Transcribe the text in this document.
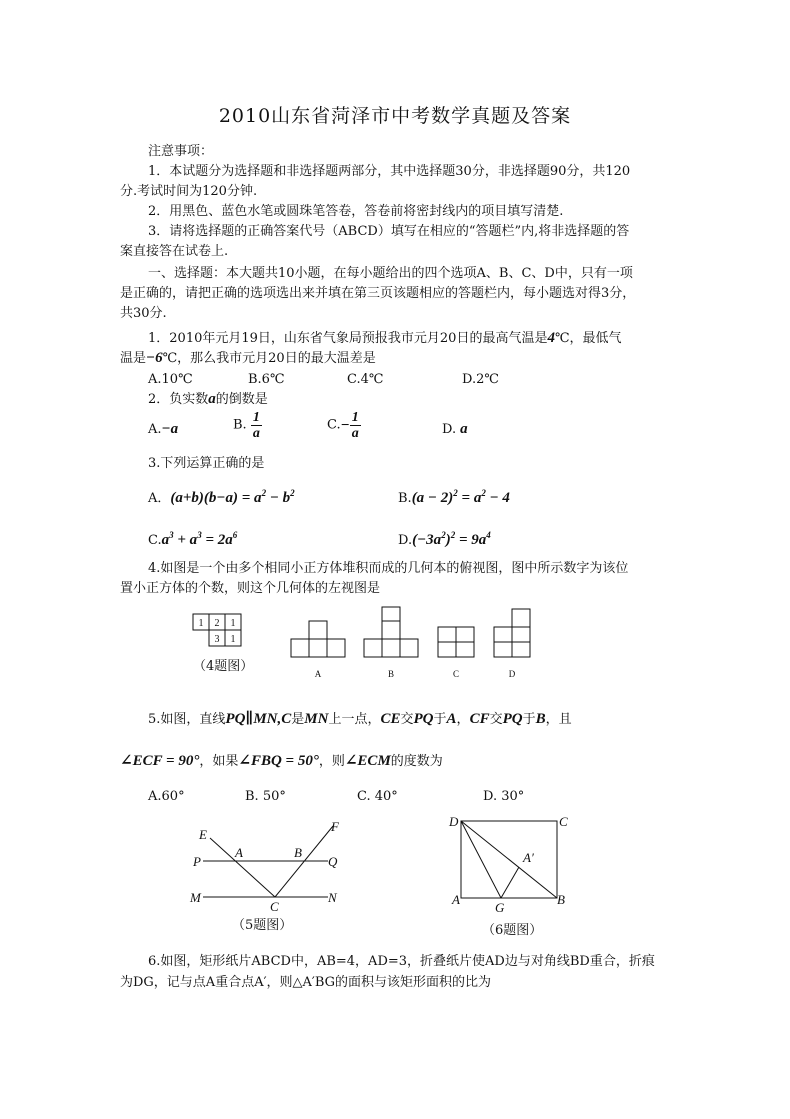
2010山东省菏泽市中考数学真题及答案
注意事项：
1．本试题分为选择题和非选择题两部分，其中选择题30分，非选择题90分，共120
分.考试时间为120分钟.
2．用黑色、蓝色水笔或圆珠笔答卷，答卷前将密封线内的项目填写清楚.
3．请将选择题的正确答案代号（ABCD）填写在相应的“答题栏”内,将非选择题的答
案直接答在试卷上.
一、选择题：本大题共10小题，在每小题给出的四个选项A、B、C、D中，只有一项
是正确的，请把正确的选项选出来并填在第三页该题相应的答题栏内，每小题选对得3分，
共30分.
1．2010年元月19日，山东省气象局预报我市元月20日的最高气温是4℃，最低气
温是−6℃，那么我市元月20日的最大温差是
A.10℃	B.6℃	C.4℃	D.2℃
2．负实数a的倒数是
A.−a	B. $\frac{1}{a}$	$C.- \frac{1}{a}$	D. a
3.下列运算正确的是
A．$(a+b)(b-a) = a^2 - b^2$	$B.(a - 2)^2 = a^2 - 4$
$C.a^3 + a^3 = 2a^6$	$D.(-3a^2)^2 = 9a^4$
4.如图是一个由多个相同小正方体堆积而成的几何本的俯视图，图中所示数字为该位
置小正方体的个数，则这个几何体的左视图是
1 2 1
3 1
A	B	C	D
E
F
P
A	B
Q
M
C
N
D	C
A′
A
G
B
（4题图）
5.如图，直线PQ∥MN,C是MN上一点，CE交PQ于A，CF交PQ于B，且
∠ECF = 90°，如果∠FBQ = 50°，则∠ECM的度数为
A.60°	B. 50°	C. 40°	D. 30°
（5题图）	（6题图）
6.如图，矩形纸片ABCD中，AB=4，AD=3，折叠纸片使AD边与对角线BD重合，折痕
为DG，记与点A重合点A′，则△A′BG的面积与该矩形面积的比为
